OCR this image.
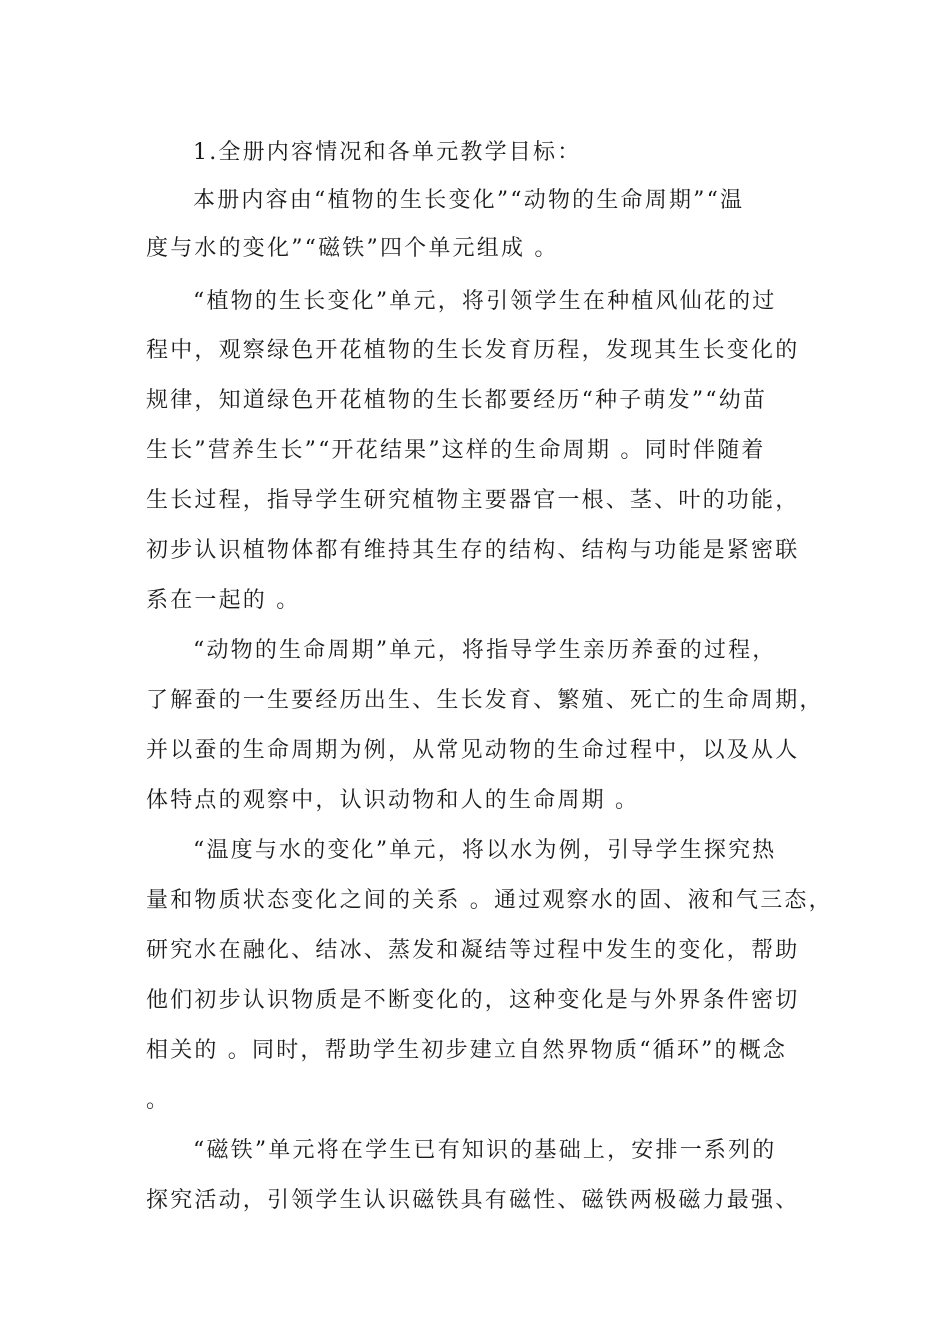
1.全册内容情况和各单元教学目标：
本册内容由“植物的生长变化”“动物的生命周期”“温
度与水的变化”“磁铁”四个单元组成 。
“植物的生长变化”单元，将引领学生在种植风仙花的过
程中，观察绿色开花植物的生长发育历程，发现其生长变化的
规律，知道绿色开花植物的生长都要经历“种子萌发”“幼苗
生长”营养生长”“开花结果”这样的生命周期 。同时伴随着
生长过程，指导学生研究植物主要器官一根、茎、叶的功能，
初步认识植物体都有维持其生存的结构、结构与功能是紧密联
系在一起的 。
“动物的生命周期”单元，将指导学生亲历养蚕的过程，
了解蚕的一生要经历出生、生长发育、繁殖、死亡的生命周期，
并以蚕的生命周期为例，从常见动物的生命过程中，以及从人
体特点的观察中，认识动物和人的生命周期 。
“温度与水的变化”单元，将以水为例，引导学生探究热
量和物质状态变化之间的关系 。通过观察水的固、液和气三态，
研究水在融化、结冰、蒸发和凝结等过程中发生的变化，帮助
他们初步认识物质是不断变化的，这种变化是与外界条件密切
相关的 。同时，帮助学生初步建立自然界物质“循环”的概念
。
“磁铁”单元将在学生已有知识的基础上，安排一系列的
探究活动，引领学生认识磁铁具有磁性、磁铁两极磁力最强、
